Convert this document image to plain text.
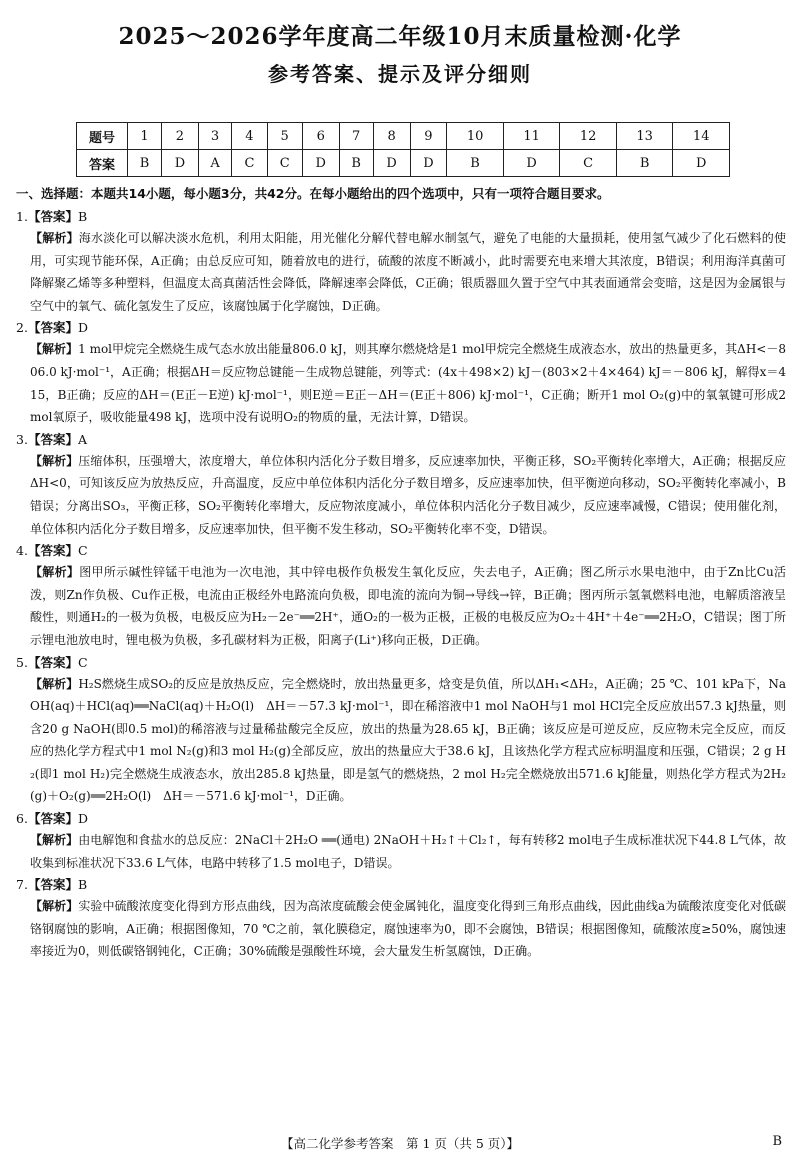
2025～2026学年度高二年级10月末质量检测·化学
参考答案、提示及评分细则
题号	1	2	3	4	5	6	7	8	9	10	11	12	13	14
答案	B	D	A	C	C	D	B	D	D	B	D	C	B	D
一、选择题：本题共14小题，每小题3分，共42分。在每小题给出的四个选项中，只有一项符合题目要求。
1.【答案】B

【解析】海水淡化可以解决淡水危机，利用太阳能，用光催化分解代替电解水制氢气，避免了电能的大量损耗，使用氢气减少了化石燃料的使用，可实现节能环保，A正确；由总反应可知，随着放电的进行，硫酸的浓度不断减小，此时需要充电来增大其浓度，B错误；利用海洋真菌可降解聚乙烯等多种塑料，但温度太高真菌活性会降低，降解速率会降低，C正确；银质器皿久置于空气中其表面通常会变暗，这是因为金属银与空气中的氧气、硫化氢发生了反应，该腐蚀属于化学腐蚀，D正确。

2.【答案】D

【解析】1 mol甲烷完全燃烧生成气态水放出能量806.0 kJ，则其摩尔燃烧焓是1 mol甲烷完全燃烧生成液态水，放出的热量更多，其ΔH<－806.0 kJ·mol⁻¹，A正确；根据ΔH＝反应物总键能－生成物总键能，列等式：(4x＋498×2) kJ－(803×2＋4×464) kJ＝－806 kJ，解得x＝415，B正确；反应的ΔH＝(E正－E逆) kJ·mol⁻¹，则E逆＝E正－ΔH＝(E正＋806) kJ·mol⁻¹，C正确；断开1 mol O₂(g)中的氧氧键可形成2 mol氧原子，吸收能量498 kJ，选项中没有说明O₂的物质的量，无法计算，D错误。

3.【答案】A

【解析】压缩体积，压强增大，浓度增大，单位体积内活化分子数目增多，反应速率加快，平衡正移，SO₂平衡转化率增大，A正确；根据反应ΔH<0，可知该反应为放热反应，升高温度，反应中单位体积内活化分子数目增多，反应速率加快，但平衡逆向移动，SO₂平衡转化率减小，B错误；分离出SO₃，平衡正移，SO₂平衡转化率增大，反应物浓度减小，单位体积内活化分子数目减少，反应速率减慢，C错误；使用催化剂，单位体积内活化分子数目增多，反应速率加快，但平衡不发生移动，SO₂平衡转化率不变，D错误。

4.【答案】C

【解析】图甲所示碱性锌锰干电池为一次电池，其中锌电极作负极发生氧化反应，失去电子，A正确；图乙所示水果电池中，由于Zn比Cu活泼，则Zn作负极、Cu作正极，电流由正极经外电路流向负极，即电流的流向为铜→导线→锌，B正确；图丙所示氢氧燃料电池，电解质溶液呈酸性，则通H₂的一极为负极，电极反应为H₂－2e⁻══2H⁺，通O₂的一极为正极，正极的电极反应为O₂＋4H⁺＋4e⁻══2H₂O，C错误；图丁所示锂电池放电时，锂电极为负极，多孔碳材料为正极，阳离子(Li⁺)移向正极，D正确。

5.【答案】C

【解析】H₂S燃烧生成SO₂的反应是放热反应，完全燃烧时，放出热量更多，焓变是负值，所以ΔH₁<ΔH₂，A正确；25 ℃、101 kPa下，NaOH(aq)＋HCl(aq)══NaCl(aq)＋H₂O(l)　ΔH＝－57.3 kJ·mol⁻¹，即在稀溶液中1 mol NaOH与1 mol HCl完全反应放出57.3 kJ热量，则含20 g NaOH(即0.5 mol)的稀溶液与过量稀盐酸完全反应，放出的热量为28.65 kJ，B正确；该反应是可逆反应，反应物未完全反应，而反应的热化学方程式中1 mol N₂(g)和3 mol H₂(g)全部反应，放出的热量应大于38.6 kJ，且该热化学方程式应标明温度和压强，C错误；2 g H₂(即1 mol H₂)完全燃烧生成液态水，放出285.8 kJ热量，即是氢气的燃烧热，2 mol H₂完全燃烧放出571.6 kJ能量，则热化学方程式为2H₂(g)＋O₂(g)══2H₂O(l)　ΔH＝－571.6 kJ·mol⁻¹，D正确。

6.【答案】D

【解析】由电解饱和食盐水的总反应：2NaCl＋2H₂O ══(通电) 2NaOH＋H₂↑＋Cl₂↑，每有转移2 mol电子生成标准状况下44.8 L气体，故收集到标准状况下33.6 L气体，电路中转移了1.5 mol电子，D错误。

7.【答案】B

【解析】实验中硫酸浓度变化得到方形点曲线，因为高浓度硫酸会使金属钝化，温度变化得到三角形点曲线，因此曲线a为硫酸浓度变化对低碳铬钢腐蚀的影响，A正确；根据图像知，70 ℃之前，氧化膜稳定，腐蚀速率为0，即不会腐蚀，B错误；根据图像知，硫酸浓度≥50%，腐蚀速率接近为0，则低碳铬钢钝化，C正确；30%硫酸是强酸性环境，会大量发生析氢腐蚀，D正确。

【高二化学参考答案　第 1 页（共 5 页）】	B
